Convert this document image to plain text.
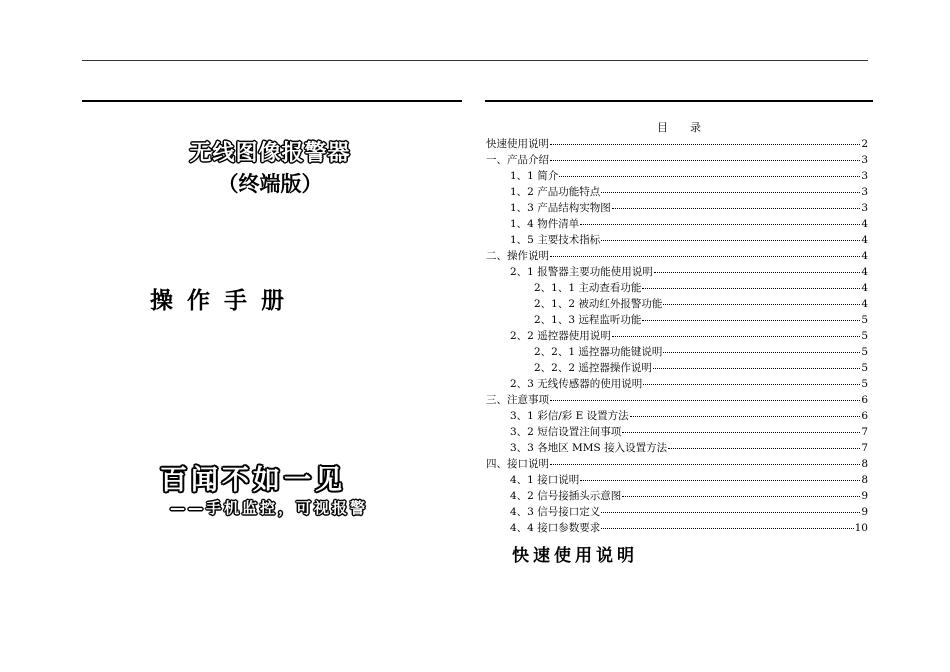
无线图像报警器
（终端版）
操作手册
百闻不如一见
——手机监控，可视报警
目录
快速使用说明	2
一、产品介绍	3
1、1 简介	3
1、2 产品功能特点	3
1、3 产品结构实物图	3
1、4 物件清单	4
1、5 主要技术指标	4
二、操作说明	4
2、1 报警器主要功能使用说明	4
2、1、1 主动查看功能	4
2、1、2 被动红外报警功能	4
2、1、3 远程监听功能	5
2、2 遥控器使用说明	5
2、2、1 遥控器功能键说明	5
2、2、2 遥控器操作说明	5
2、3 无线传感器的使用说明	5
三、注意事项	6
3、1 彩信/彩 E 设置方法	6
3、2 短信设置注间事项	7
3、3 各地区 MMS 接入设置方法	7
四、接口说明	8
4、1 接口说明	8
4、2 信号接插头示意图	9
4、3 信号接口定义	9
4、4 接口参数要求	10
快速使用说明
